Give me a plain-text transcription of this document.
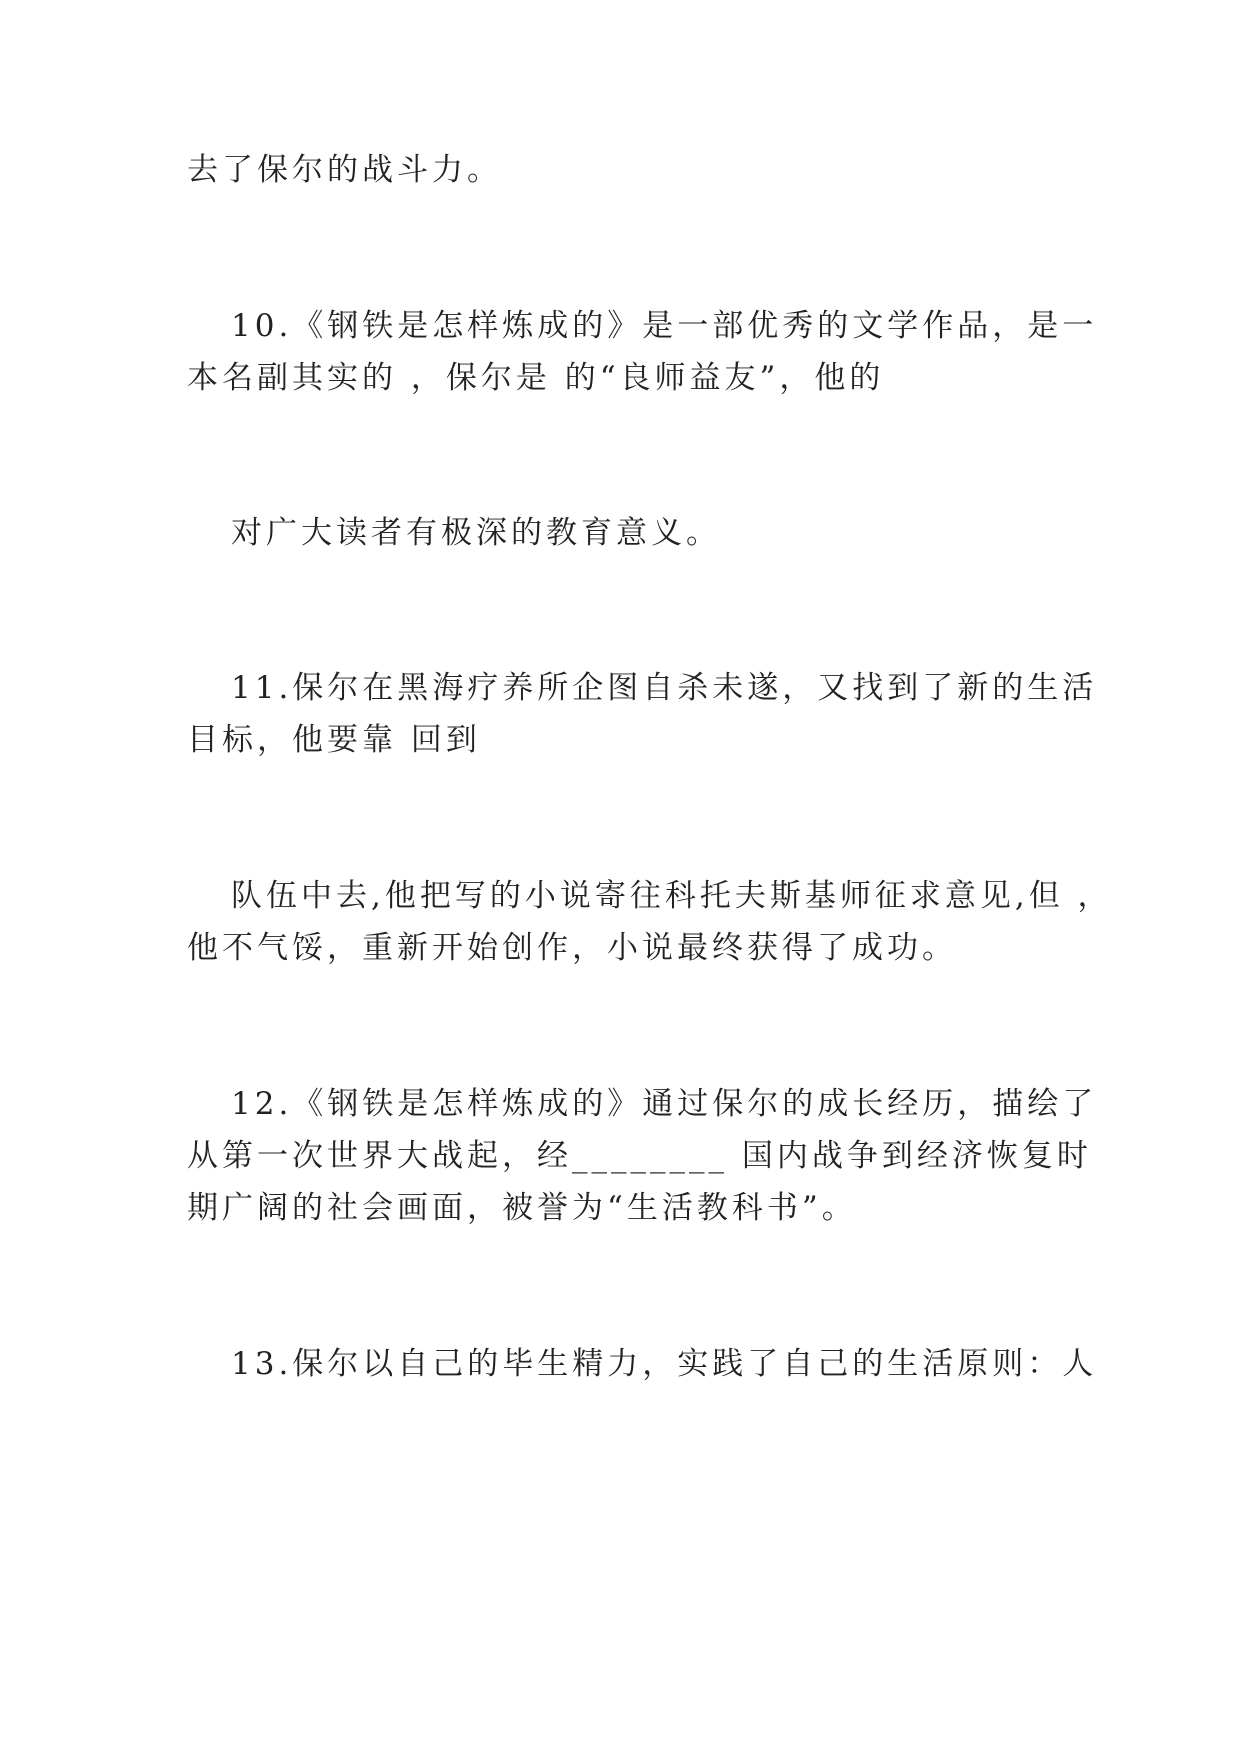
去了保尔的战斗力。
10.《钢铁是怎样炼成的》是一部优秀的文学作品，是一
本名副其实的 ，保尔是 的“良师益友”，他的
对广大读者有极深的教育意义。
11.保尔在黑海疗养所企图自杀未遂，又找到了新的生活
目标，他要靠 回到
队伍中去,他把写的小说寄往科托夫斯基师征求意见,但 ，
他不气馁，重新开始创作，小说最终获得了成功。
12.《钢铁是怎样炼成的》通过保尔的成长经历，描绘了
从第一次世界大战起，经________ 国内战争到经济恢复时
期广阔的社会画面，被誉为“生活教科书”。
13.保尔以自己的毕生精力，实践了自己的生活原则：人
